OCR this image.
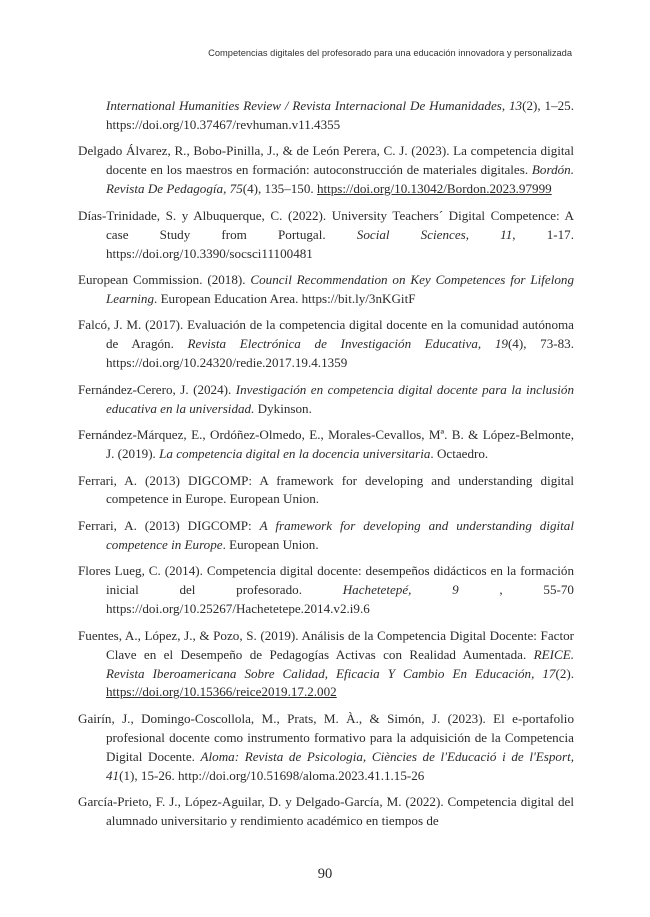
Competencias digitales del profesorado para una educación innovadora y personalizada

International Humanities Review / Revista Internacional De Humanidades, 13(2), 1–25. https://doi.org/10.37467/revhuman.v11.4355

Delgado Álvarez, R., Bobo-Pinilla, J., & de León Perera, C. J. (2023). La competencia digital docente en los maestros en formación: autoconstrucción de materiales digitales. Bordón. Revista De Pedagogía, 75(4), 135–150. https://doi.org/10.13042/Bordon.2023.97999

Días-Trinidade, S. y Albuquerque, C. (2022). University Teachers´ Digital Competence: A case Study from Portugal. Social Sciences, 11, 1-17. https://doi.org/10.3390/socsci11100481

European Commission. (2018). Council Recommendation on Key Competences for Lifelong Learning. European Education Area. https://bit.ly/3nKGitF

Falcó, J. M. (2017). Evaluación de la competencia digital docente en la comunidad autónoma de Aragón. Revista Electrónica de Investigación Educativa, 19(4), 73-83. https://doi.org/10.24320/redie.2017.19.4.1359

Fernández-Cerero, J. (2024). Investigación en competencia digital docente para la inclusión educativa en la universidad. Dykinson.

Fernández-Márquez, E., Ordóñez-Olmedo, E., Morales-Cevallos, Mª. B. & López-Belmonte, J. (2019). La competencia digital en la docencia universitaria. Octaedro.

Ferrari, A. (2013) DIGCOMP: A framework for developing and understanding digital competence in Europe. European Union.

Ferrari, A. (2013) DIGCOMP: A framework for developing and understanding digital competence in Europe. European Union.

Flores Lueg, C. (2014). Competencia digital docente: desempeños didácticos en la formación inicial del profesorado. Hachetetepé, 9 , 55-70 https://doi.org/10.25267/Hachetetepe.2014.v2.i9.6

Fuentes, A., López, J., & Pozo, S. (2019). Análisis de la Competencia Digital Docente: Factor Clave en el Desempeño de Pedagogías Activas con Realidad Aumentada. REICE. Revista Iberoamericana Sobre Calidad, Eficacia Y Cambio En Educación, 17(2). https://doi.org/10.15366/reice2019.17.2.002

Gairín, J., Domingo-Coscollola, M., Prats, M. À., & Simón, J. (2023). El e-portafolio profesional docente como instrumento formativo para la adquisición de la Competencia Digital Docente. Aloma: Revista de Psicologia, Ciències de l'Educació i de l'Esport, 41(1), 15-26. http://doi.org/10.51698/aloma.2023.41.1.15-26

García-Prieto, F. J., López-Aguilar, D. y Delgado-García, M. (2022). Competencia digital del alumnado universitario y rendimiento académico en tiempos de

90
